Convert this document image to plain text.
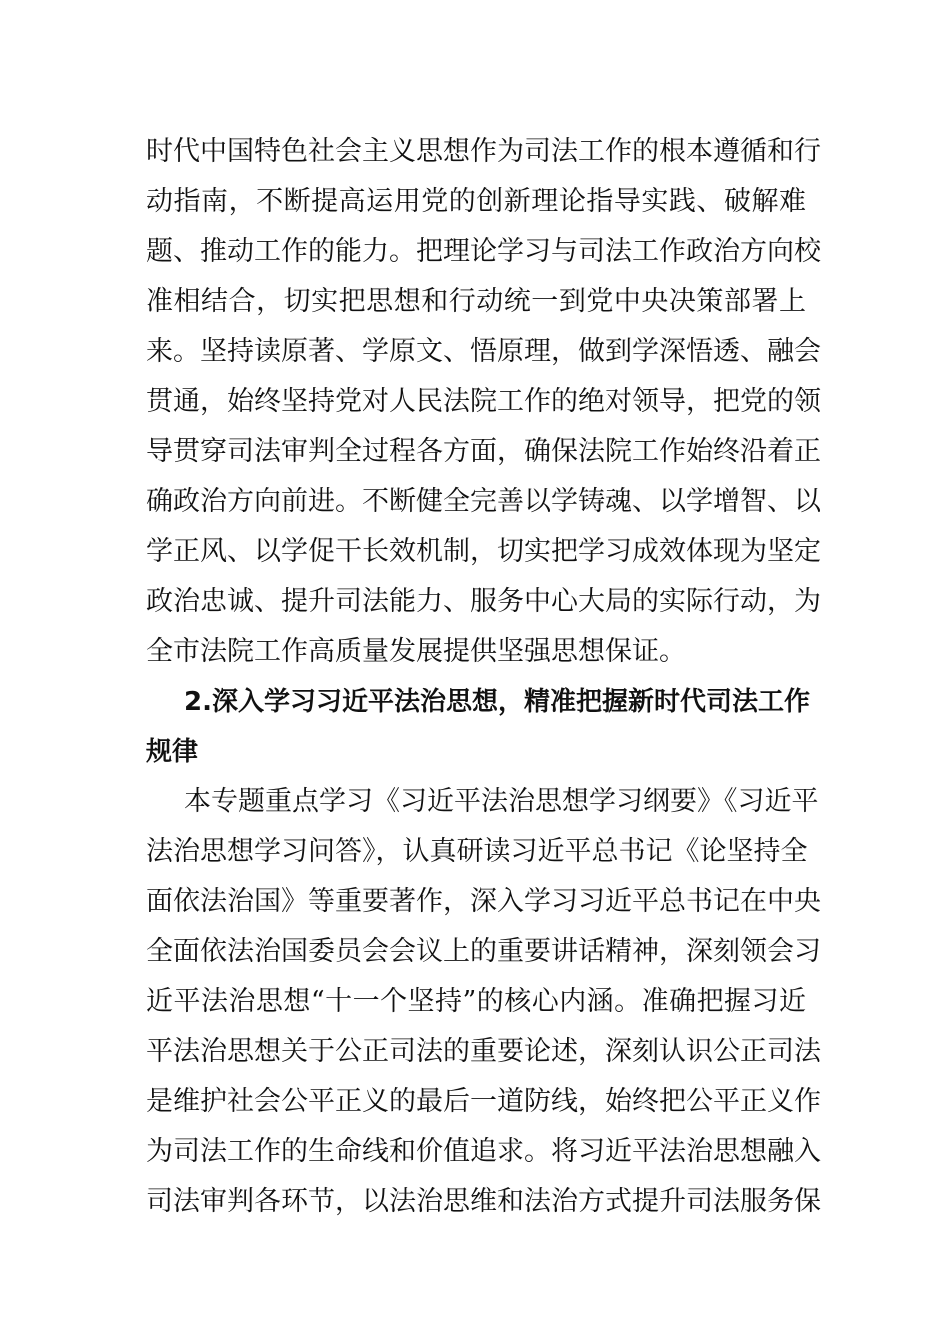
时代中国特色社会主义思想作为司法工作的根本遵循和行
动指南，不断提高运用党的创新理论指导实践、破解难
题、推动工作的能力。把理论学习与司法工作政治方向校
准相结合，切实把思想和行动统一到党中央决策部署上
来。坚持读原著、学原文、悟原理，做到学深悟透、融会
贯通，始终坚持党对人民法院工作的绝对领导，把党的领
导贯穿司法审判全过程各方面，确保法院工作始终沿着正
确政治方向前进。不断健全完善以学铸魂、以学增智、以
学正风、以学促干长效机制，切实把学习成效体现为坚定
政治忠诚、提升司法能力、服务中心大局的实际行动，为
全市法院工作高质量发展提供坚强思想保证。
2.深入学习习近平法治思想，精准把握新时代司法工作
规律
本专题重点学习《习近平法治思想学习纲要》《习近平
法治思想学习问答》，认真研读习近平总书记《论坚持全
面依法治国》等重要著作，深入学习习近平总书记在中央
全面依法治国委员会会议上的重要讲话精神，深刻领会习
近平法治思想“十一个坚持”的核心内涵。准确把握习近
平法治思想关于公正司法的重要论述，深刻认识公正司法
是维护社会公平正义的最后一道防线，始终把公平正义作
为司法工作的生命线和价值追求。将习近平法治思想融入
司法审判各环节，以法治思维和法治方式提升司法服务保
